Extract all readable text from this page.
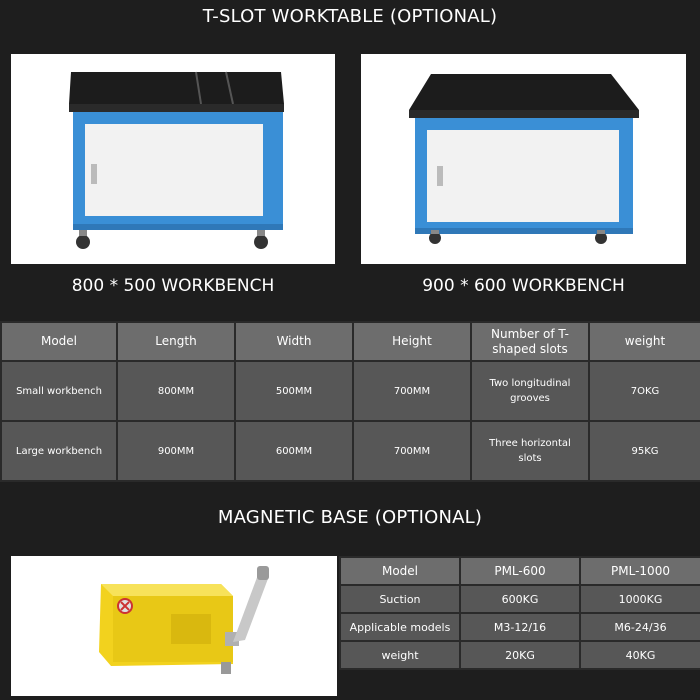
T-SLOT WORKTABLE (OPTIONAL)
800 * 500 WORKBENCH	900 * 600 WORKBENCH
Model	Length	Width	Height	Number of T-shaped slots	weight
Small workbench	800MM	500MM	700MM	Two longitudinal grooves	7OKG
Large workbench	900MM	600MM	700MM	Three horizontal slots	95KG
MAGNETIC BASE (OPTIONAL)
Model	PML-600	PML-1000
Suction	600KG	1000KG
Applicable models	M3-12/16	M6-24/36
weight	20KG	40KG
